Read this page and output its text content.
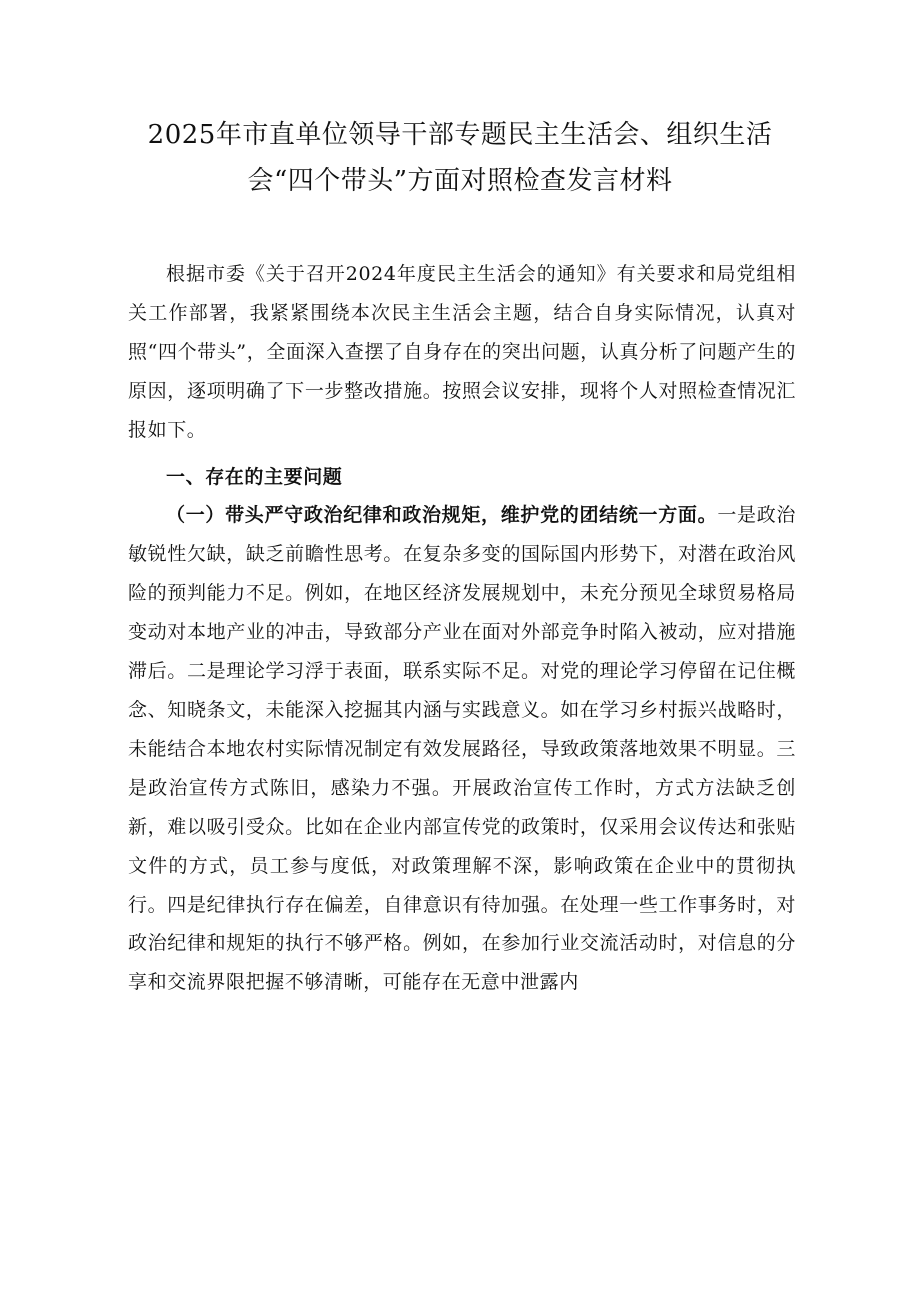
2025年市直单位领导干部专题民主生活会、组织生活
会“四个带头”方面对照检查发言材料

根据市委《关于召开2024年度民主生活会的通知》有关要求和局党组相关工作部署，我紧紧围绕本次民主生活会主题，结合自身实际情况，认真对照“四个带头”，全面深入查摆了自身存在的突出问题，认真分析了问题产生的原因，逐项明确了下一步整改措施。按照会议安排，现将个人对照检查情况汇报如下。

一、存在的主要问题

（一）带头严守政治纪律和政治规矩，维护党的团结统一方面。一是政治敏锐性欠缺，缺乏前瞻性思考。在复杂多变的国际国内形势下，对潜在政治风险的预判能力不足。例如，在地区经济发展规划中，未充分预见全球贸易格局变动对本地产业的冲击，导致部分产业在面对外部竞争时陷入被动，应对措施滞后。二是理论学习浮于表面，联系实际不足。对党的理论学习停留在记住概念、知晓条文，未能深入挖掘其内涵与实践意义。如在学习乡村振兴战略时，未能结合本地农村实际情况制定有效发展路径，导致政策落地效果不明显。三是政治宣传方式陈旧，感染力不强。开展政治宣传工作时，方式方法缺乏创新，难以吸引受众。比如在企业内部宣传党的政策时，仅采用会议传达和张贴文件的方式，员工参与度低，对政策理解不深，影响政策在企业中的贯彻执行。四是纪律执行存在偏差，自律意识有待加强。在处理一些工作事务时，对政治纪律和规矩的执行不够严格。例如，在参加行业交流活动时，对信息的分享和交流界限把握不够清晰，可能存在无意中泄露内
